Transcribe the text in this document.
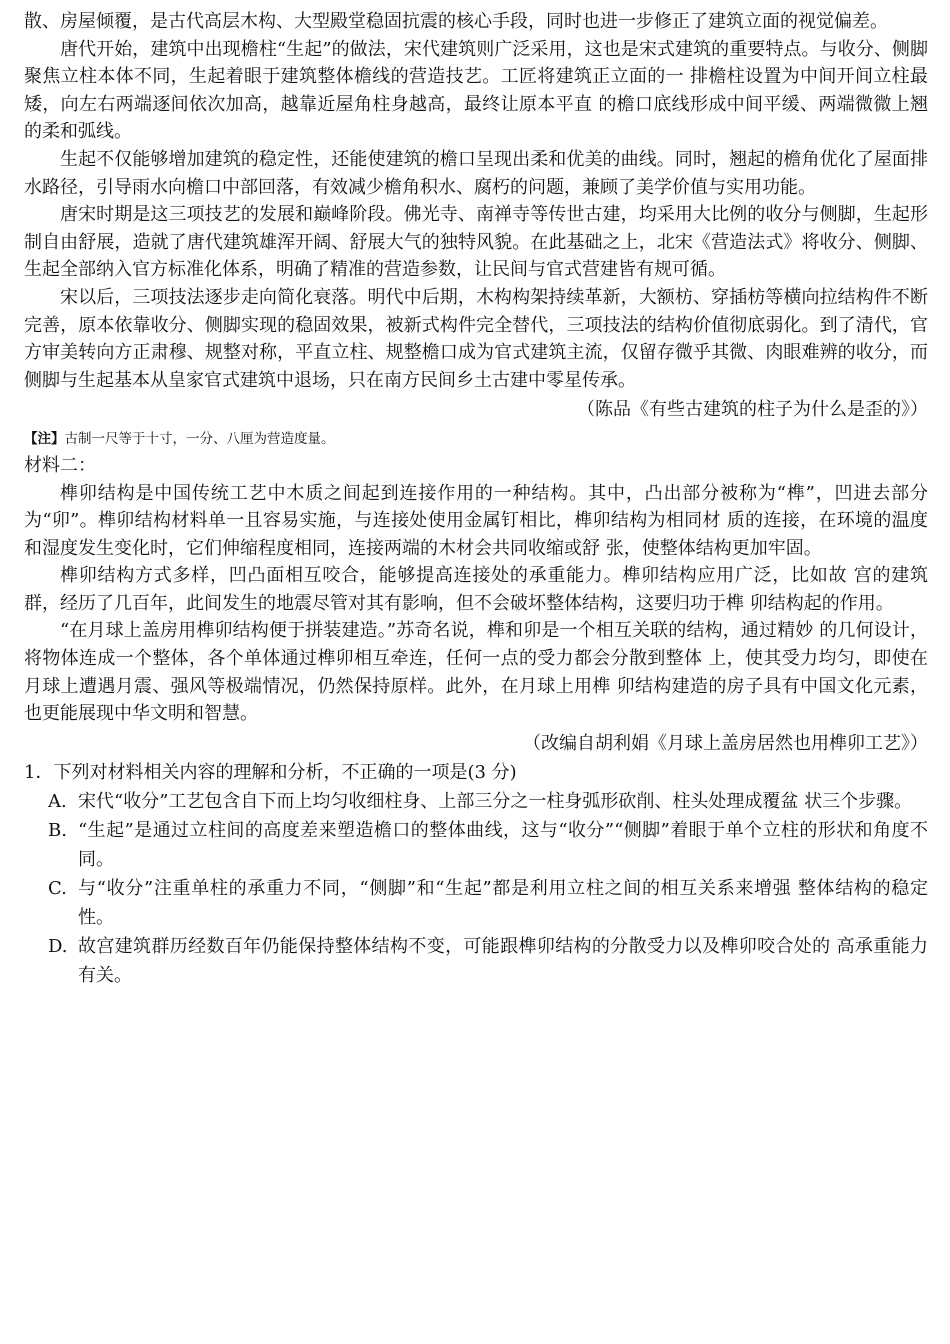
散、房屋倾覆，是古代高层木构、大型殿堂稳固抗震的核心手段，同时也进一步修正了建筑立面的视觉偏差。

唐代开始，建筑中出现檐柱“生起”的做法，宋代建筑则广泛采用，这也是宋式建筑的重要特点。与收分、侧脚聚焦立柱本体不同，生起着眼于建筑整体檐线的营造技艺。工匠将建筑正立面的一 排檐柱设置为中间开间立柱最矮，向左右两端逐间依次加高，越靠近屋角柱身越高，最终让原本平直 的檐口底线形成中间平缓、两端微微上翘的柔和弧线。

生起不仅能够增加建筑的稳定性，还能使建筑的檐口呈现出柔和优美的曲线。同时，翘起的檐角优化了屋面排水路径，引导雨水向檐口中部回落，有效减少檐角积水、腐朽的问题，兼顾了美学价值与实用功能。

唐宋时期是这三项技艺的发展和巅峰阶段。佛光寺、南禅寺等传世古建，均采用大比例的收分与侧脚，生起形制自由舒展，造就了唐代建筑雄浑开阔、舒展大气的独特风貌。在此基础之上，北宋《营造法式》将收分、侧脚、生起全部纳入官方标准化体系，明确了精准的营造参数，让民间与官式营建皆有规可循。

宋以后，三项技法逐步走向简化衰落。明代中后期，木构构架持续革新，大额枋、穿插枋等横向拉结构件不断完善，原本依靠收分、侧脚实现的稳固效果，被新式构件完全替代，三项技法的结构价值彻底弱化。到了清代，官方审美转向方正肃穆、规整对称，平直立柱、规整檐口成为官式建筑主流，仅留存微乎其微、肉眼难辨的收分，而侧脚与生起基本从皇家官式建筑中退场，只在南方民间乡土古建中零星传承。

（陈品《有些古建筑的柱子为什么是歪的》）

【注】古制一尺等于十寸，一分、八厘为营造度量。

材料二：

榫卯结构是中国传统工艺中木质之间起到连接作用的一种结构。其中，凸出部分被称为“榫”，凹进去部分为“卯”。榫卯结构材料单一且容易实施，与连接处使用金属钉相比，榫卯结构为相同材 质的连接，在环境的温度和湿度发生变化时，它们伸缩程度相同，连接两端的木材会共同收缩或舒 张，使整体结构更加牢固。

榫卯结构方式多样，凹凸面相互咬合，能够提高连接处的承重能力。榫卯结构应用广泛，比如故 宫的建筑群，经历了几百年，此间发生的地震尽管对其有影响，但不会破坏整体结构，这要归功于榫 卯结构起的作用。

“在月球上盖房用榫卯结构便于拼装建造。”苏奇名说，榫和卯是一个相互关联的结构，通过精妙 的几何设计，将物体连成一个整体，各个单体通过榫卯相互牵连，任何一点的受力都会分散到整体 上，使其受力均匀，即使在月球上遭遇月震、强风等极端情况，仍然保持原样。此外，在月球上用榫 卯结构建造的房子具有中国文化元素，也更能展现中华文明和智慧。

（改编自胡利娟《月球上盖房居然也用榫卯工艺》）

1．下列对材料相关内容的理解和分析，不正确的一项是(3 分)

A. 宋代“收分”工艺包含自下而上均匀收细柱身、上部三分之一柱身弧形砍削、柱头处理成覆盆 状三个步骤。
B. “生起”是通过立柱间的高度差来塑造檐口的整体曲线，这与“收分”“侧脚”着眼于单个立柱的形状和角度不同。
C. 与“收分”注重单柱的承重力不同，“侧脚”和“生起”都是利用立柱之间的相互关系来增强 整体结构的稳定性。
D. 故宫建筑群历经数百年仍能保持整体结构不变，可能跟榫卯结构的分散受力以及榫卯咬合处的 高承重能力有关。
